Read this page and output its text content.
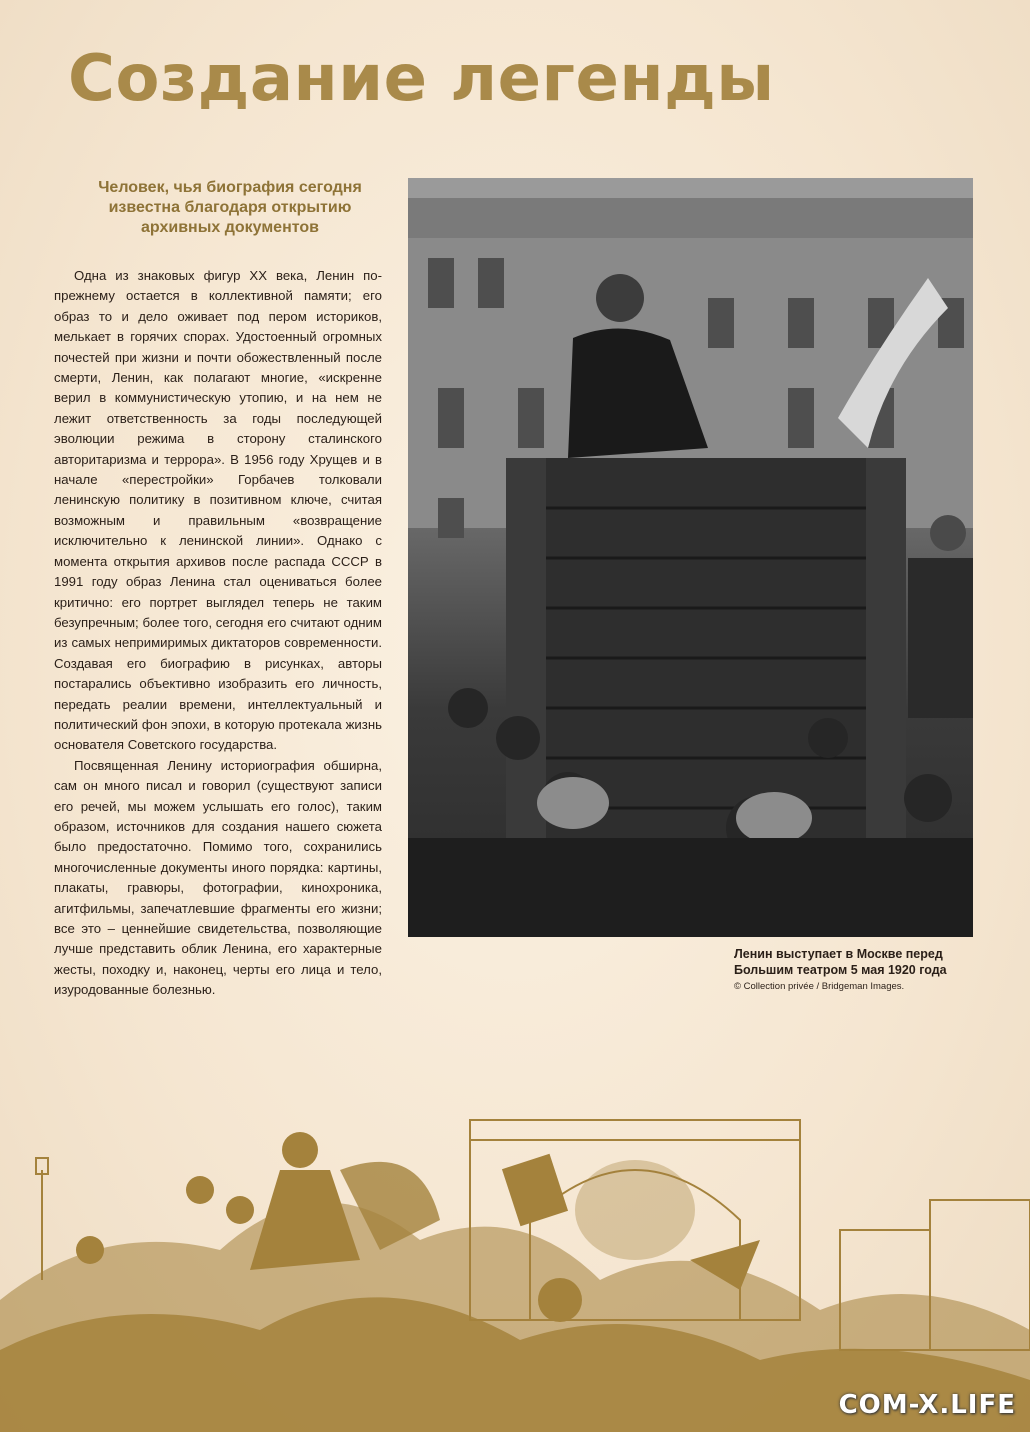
Создание легенды
Человек, чья биография сегодня
известна благодаря открытию
архивных документов

Одна из знаковых фигур XX века, Ленин по-прежнему остается в коллективной памяти; его образ то и дело оживает под пером историков, мелькает в горячих спорах. Удостоенный огромных почестей при жизни и почти обожествленный после смерти, Ленин, как полагают многие, «искренне верил в коммунистическую утопию, и на нем не лежит ответственность за годы последующей эволюции режима в сторону сталинского авторитаризма и террора». В 1956 году Хрущев и в начале «перестройки» Горбачев толковали ленинскую политику в позитивном ключе, считая возможным и правильным «возвращение исключительно к ленинской линии». Однако с момента открытия архивов после распада СССР в 1991 году образ Ленина стал оцениваться более критично: его портрет выглядел теперь не таким безупречным; более того, сегодня его считают одним из самых непримиримых диктаторов современности. Создавая его биографию в рисунках, авторы постарались объективно изобразить его личность, передать реалии времени, интеллектуальный и политический фон эпохи, в которую протекала жизнь основателя Советского государства.

Посвященная Ленину историография обширна, сам он много писал и говорил (существуют записи его речей, мы можем услышать его голос), таким образом, источников для создания нашего сюжета было предостаточно. Помимо того, сохранились многочисленные документы иного порядка: картины, плакаты, гравюры, фотографии, кинохроника, агитфильмы, запечатлевшие фрагменты его жизни; все это – ценнейшие свидетельства, позволяющие лучше представить облик Ленина, его характерные жесты, походку и, наконец, черты его лица и тело, изуродованные болезнью.

Ленин выступает в Москве перед
Большим театром 5 мая 1920 года
© Collection privée / Bridgeman Images.
COM-X.LIFE
